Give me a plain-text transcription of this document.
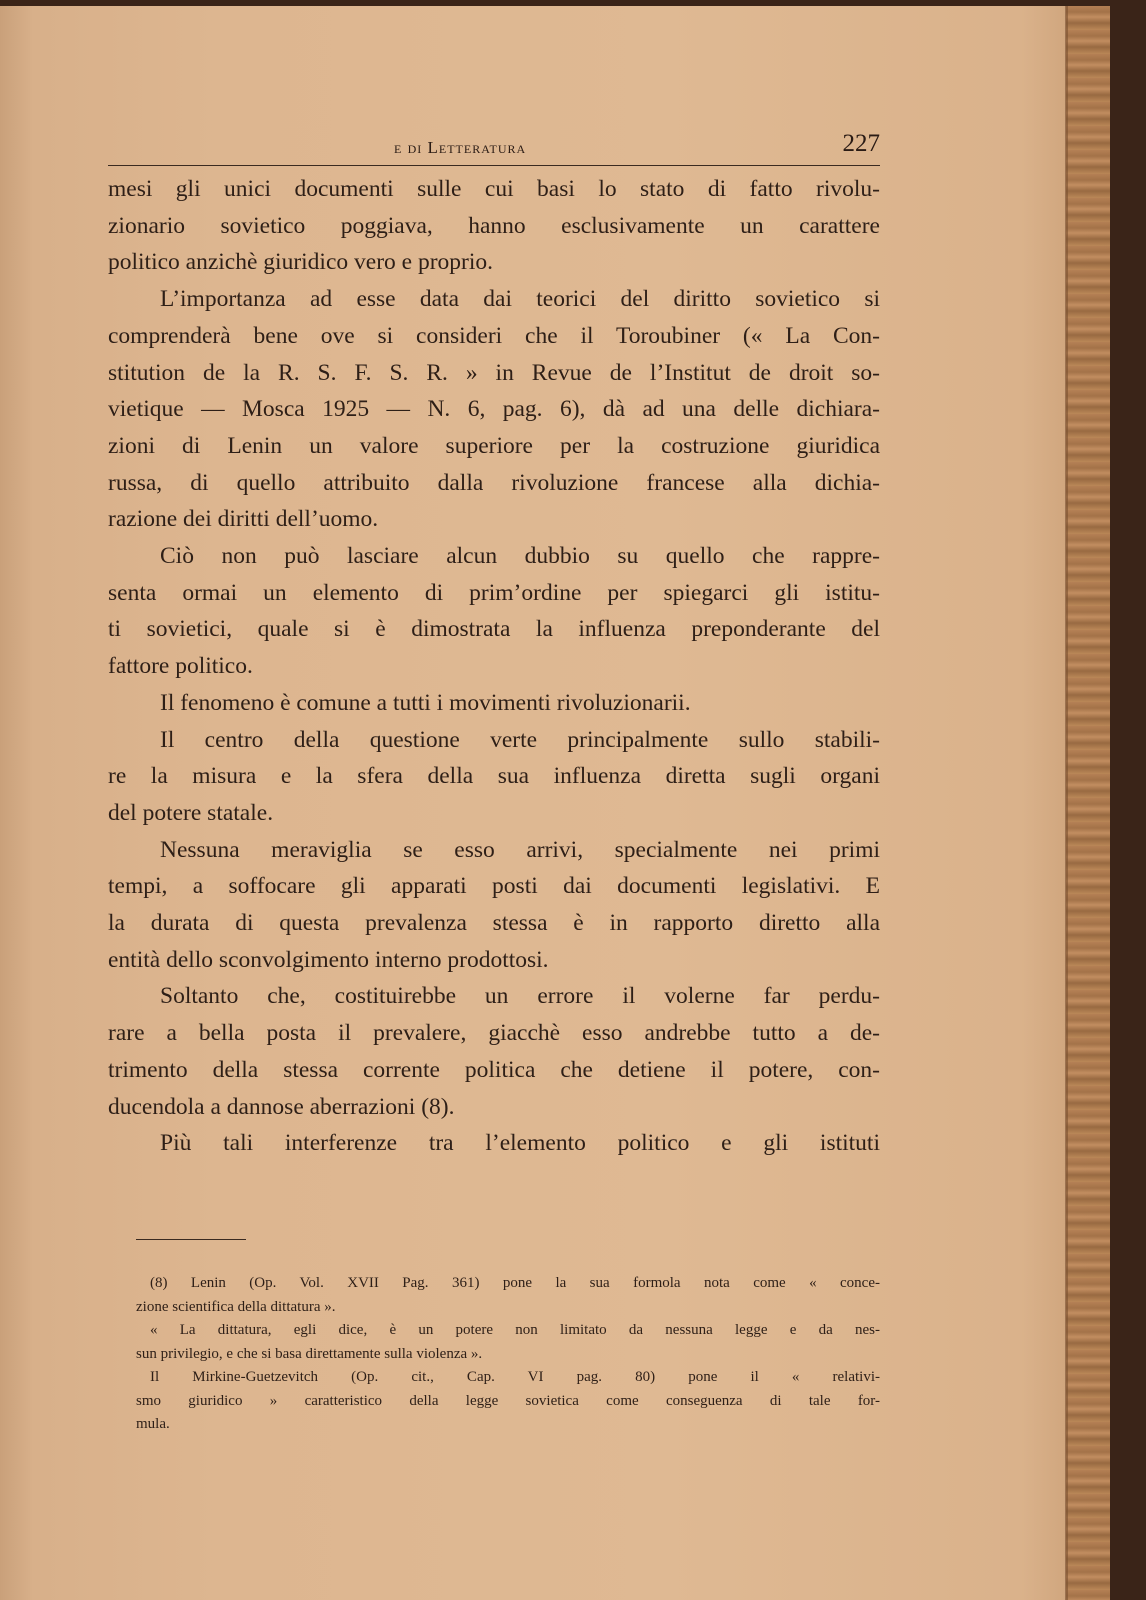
e di Letteratura	227
mesi gli unici documenti sulle cui basi lo stato di fatto rivolu-
zionario sovietico poggiava, hanno esclusivamente un carattere
politico anzichè giuridico vero e proprio.
L’importanza ad esse data dai teorici del diritto sovietico si
comprenderà bene ove si consideri che il Toroubiner (« La Con-
stitution de la R. S. F. S. R. » in Revue de l’Institut de droit so-
vietique — Mosca 1925 — N. 6, pag. 6), dà ad una delle dichiara-
zioni di Lenin un valore superiore per la costruzione giuridica
russa, di quello attribuito dalla rivoluzione francese alla dichia-
razione dei diritti dell’uomo.
Ciò non può lasciare alcun dubbio su quello che rappre-
senta ormai un elemento di prim’ordine per spiegarci gli istitu-
ti sovietici, quale si è dimostrata la influenza preponderante del
fattore politico.
Il fenomeno è comune a tutti i movimenti rivoluzionarii.
Il centro della questione verte principalmente sullo stabili-
re la misura e la sfera della sua influenza diretta sugli organi
del potere statale.
Nessuna meraviglia se esso arrivi, specialmente nei primi
tempi, a soffocare gli apparati posti dai documenti legislativi. E
la durata di questa prevalenza stessa è in rapporto diretto alla
entità dello sconvolgimento interno prodottosi.
Soltanto che, costituirebbe un errore il volerne far perdu-
rare a bella posta il prevalere, giacchè esso andrebbe tutto a de-
trimento della stessa corrente politica che detiene il potere, con-
ducendola a dannose aberrazioni (8).
Più tali interferenze tra l’elemento politico e gli istituti
(8) Lenin (Op. Vol. XVII Pag. 361) pone la sua formola nota come « conce-
zione scientifica della dittatura ».
« La dittatura, egli dice, è un potere non limitato da nessuna legge e da nes-
sun privilegio, e che si basa direttamente sulla violenza ».
Il Mirkine-Guetzevitch (Op. cit., Cap. VI pag. 80) pone il « relativi-
smo giuridico » caratteristico della legge sovietica come conseguenza di tale for-
mula.
